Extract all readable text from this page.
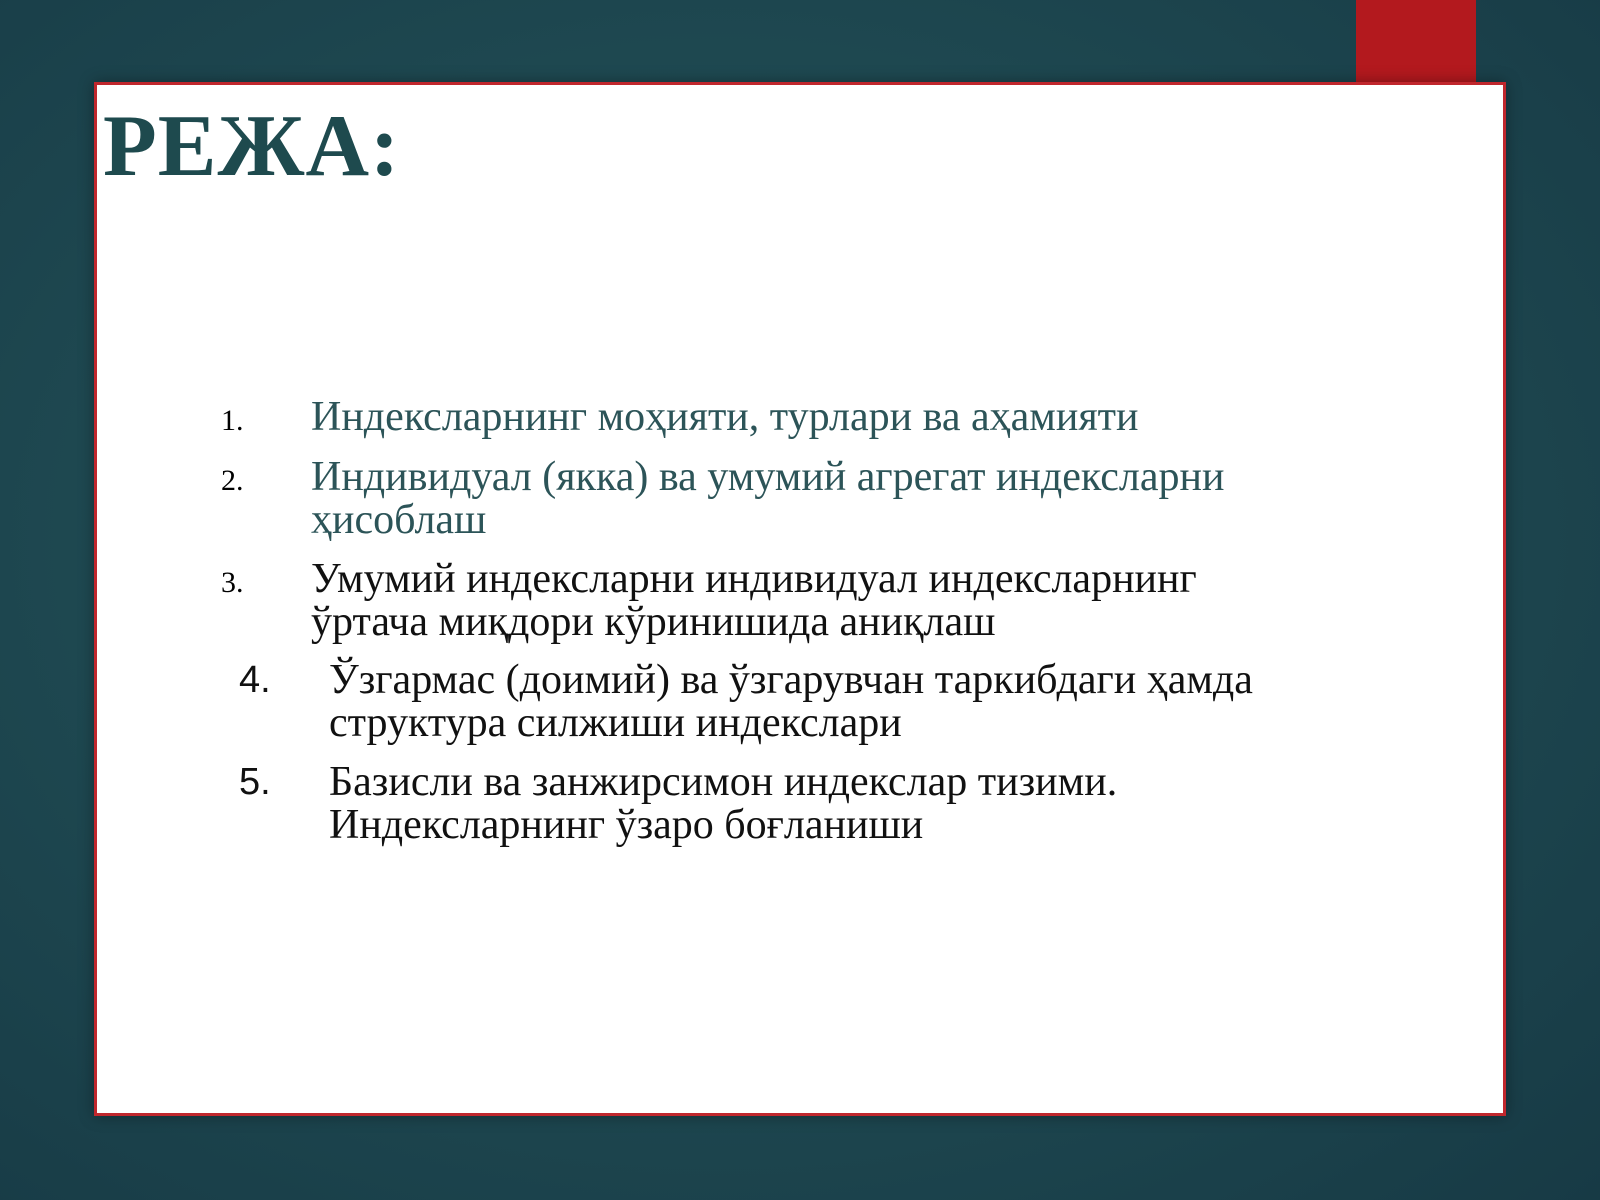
РЕЖА:
1.	Индексларнинг моҳияти, турлари ва аҳамияти
2.	Индивидуал (якка) ва умумий агрегат индексларни ҳисоблаш
3.	Умумий индексларни индивидуал индексларнинг ўртача миқдори кўринишида аниқлаш
4.	Ўзгармас (доимий) ва ўзгарувчан таркибдаги ҳамда структура силжиши индекслари
5.	Базисли ва занжирсимон индекслар тизими. Индексларнинг ўзаро боғланиши
